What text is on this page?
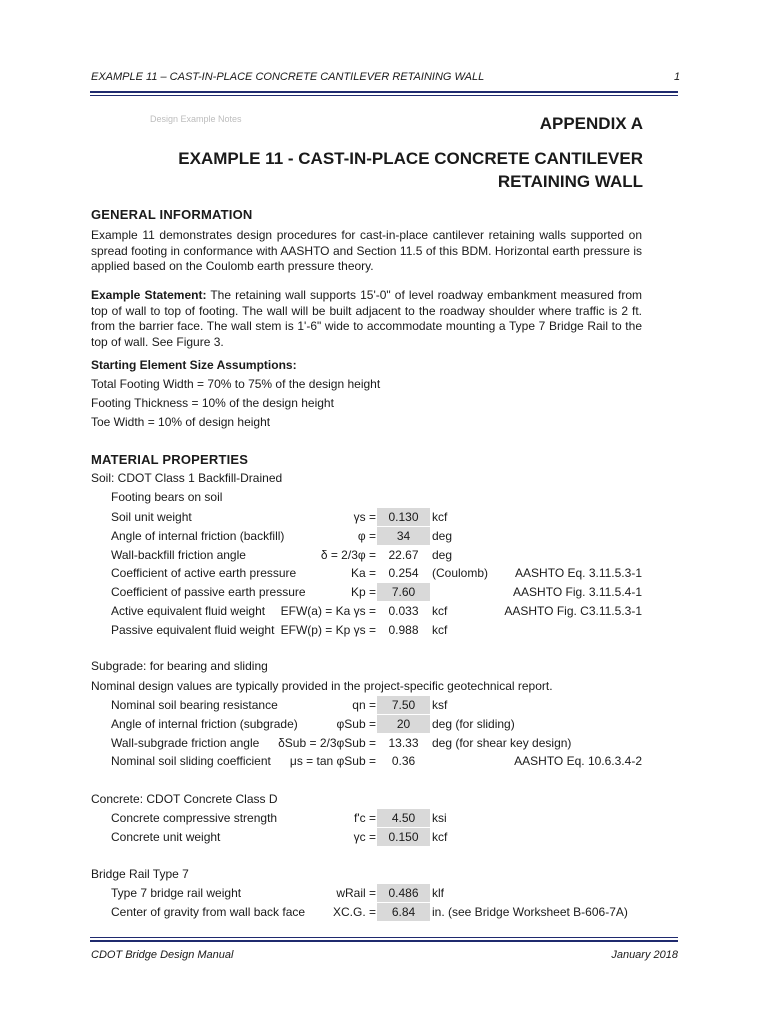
EXAMPLE 11 – CAST-IN-PLACE CONCRETE CANTILEVER RETAINING WALL	1
Design Example Notes	APPENDIX A
EXAMPLE 11 - CAST-IN-PLACE CONCRETE CANTILEVER
RETAINING WALL
GENERAL INFORMATION
Example 11 demonstrates design procedures for cast-in-place cantilever retaining walls supported on spread footing in conformance with AASHTO and Section 11.5 of this BDM. Horizontal earth pressure is applied based on the Coulomb earth pressure theory.
Example Statement: The retaining wall supports 15'-0" of level roadway embankment measured from top of wall to top of footing. The wall will be built adjacent to the roadway shoulder where traffic is 2 ft. from the barrier face. The wall stem is 1'-6" wide to accommodate mounting a Type 7 Bridge Rail to the top of wall. See Figure 3.
Starting Element Size Assumptions:
Total Footing Width = 70% to 75% of the design height
Footing Thickness = 10% of the design height
Toe Width = 10% of design height
MATERIAL PROPERTIES
Soil: CDOT Class 1 Backfill-Drained
Footing bears on soil
Soil unit weight	γs =	0.130	kcf
Angle of internal friction (backfill)	φ =	34	deg
Wall-backfill friction angle	δ = 2/3φ =	22.67	deg
Coefficient of active earth pressure	Ka =	0.254	(Coulomb) AASHTO Eq. 3.11.5.3-1
Coefficient of passive earth pressure	Kp =	7.60	AASHTO Fig. 3.11.5.4-1
Active equivalent fluid weight EFW(a) = Ka γs =	0.033	kcf	AASHTO Fig. C3.11.5.3-1
Passive equivalent fluid weight EFW(p) = Kp γs =	0.988	kcf
Subgrade: for bearing and sliding
Nominal design values are typically provided in the project-specific geotechnical report.
Nominal soil bearing resistance	qn =	7.50	ksf
Angle of internal friction (subgrade)	φSub =	20	deg (for sliding)
Wall-subgrade friction angle δSub = 2/3φSub =	13.33	deg (for shear key design)
Nominal soil sliding coefficient μs = tan φSub =	0.36	AASHTO Eq. 10.6.3.4-2
Concrete: CDOT Concrete Class D
Concrete compressive strength	f'c =	4.50	ksi
Concrete unit weight	γc =	0.150	kcf
Bridge Rail Type 7
Type 7 bridge rail weight	wRail =	0.486	klf
Center of gravity from wall back face XC.G. =	6.84	in. (see Bridge Worksheet B-606-7A)
CDOT Bridge Design Manual	January 2018
